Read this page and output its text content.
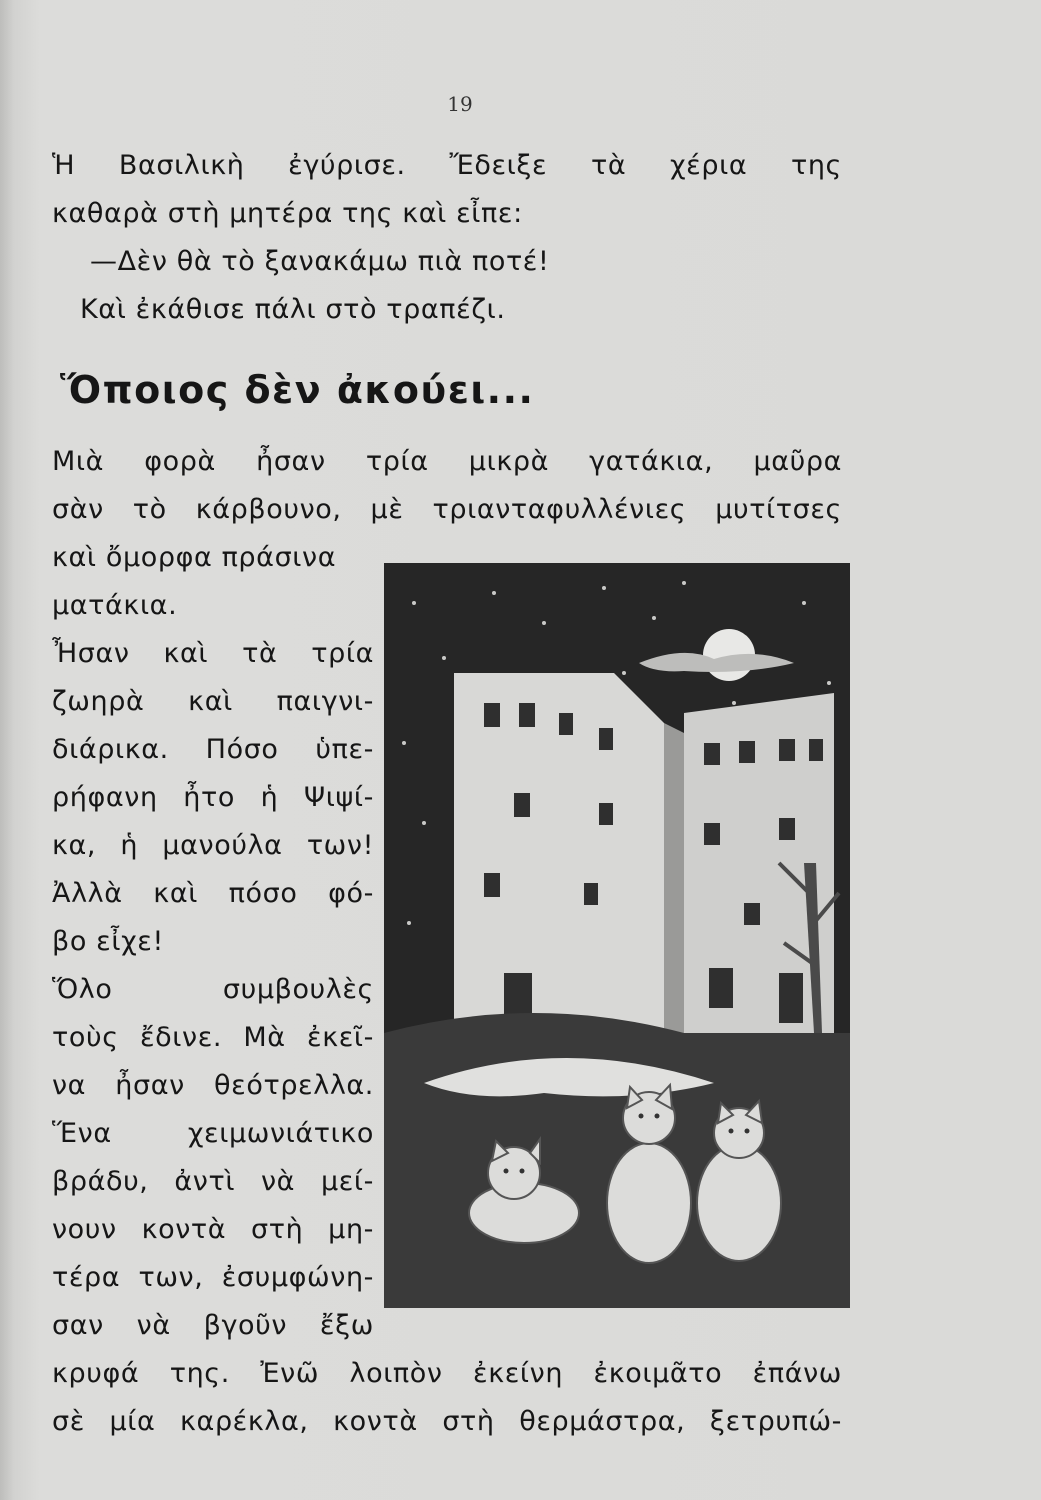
19
Ἡ Βασιλικὴ ἐγύρισε. Ἔδειξε τὰ χέρια της
καθαρὰ στὴ μητέρα της καὶ εἶπε:
—Δὲν θὰ τὸ ξανακάμω πιὰ ποτέ!
Καὶ ἐκάθισε πάλι στὸ τραπέζι.
Ὅποιος δὲν ἀκούει...
Μιὰ φορὰ ἦσαν τρία μικρὰ γατάκια, μαῦρα
σὰν τὸ κάρβουνο, μὲ τριανταφυλλένιες μυτίτσες
καὶ ὄμορφα πράσινα
ματάκια.
Ἦσαν καὶ τὰ τρία
ζωηρὰ καὶ παιγνι-
διάρικα. Πόσο ὑπε-
ρήφανη ἦτο ἡ Ψιψί-
κα, ἡ μανούλα των!
Ἀλλὰ καὶ πόσο φό-
βο εἶχε!
Ὅλο συμβουλὲς
τοὺς ἔδινε. Μὰ ἐκεῖ-
να ἦσαν θεότρελλα.
Ἕνα χειμωνιάτικο
βράδυ, ἀντὶ νὰ μεί-
νουν κοντὰ στὴ μη-
τέρα των, ἐσυμφώνη-
σαν νὰ βγοῦν ἔξω
κρυφά της. Ἐνῶ λοιπὸν ἐκείνη ἐκοιμᾶτο ἐπάνω
σὲ μία καρέκλα, κοντὰ στὴ θερμάστρα, ξετρυπώ-
